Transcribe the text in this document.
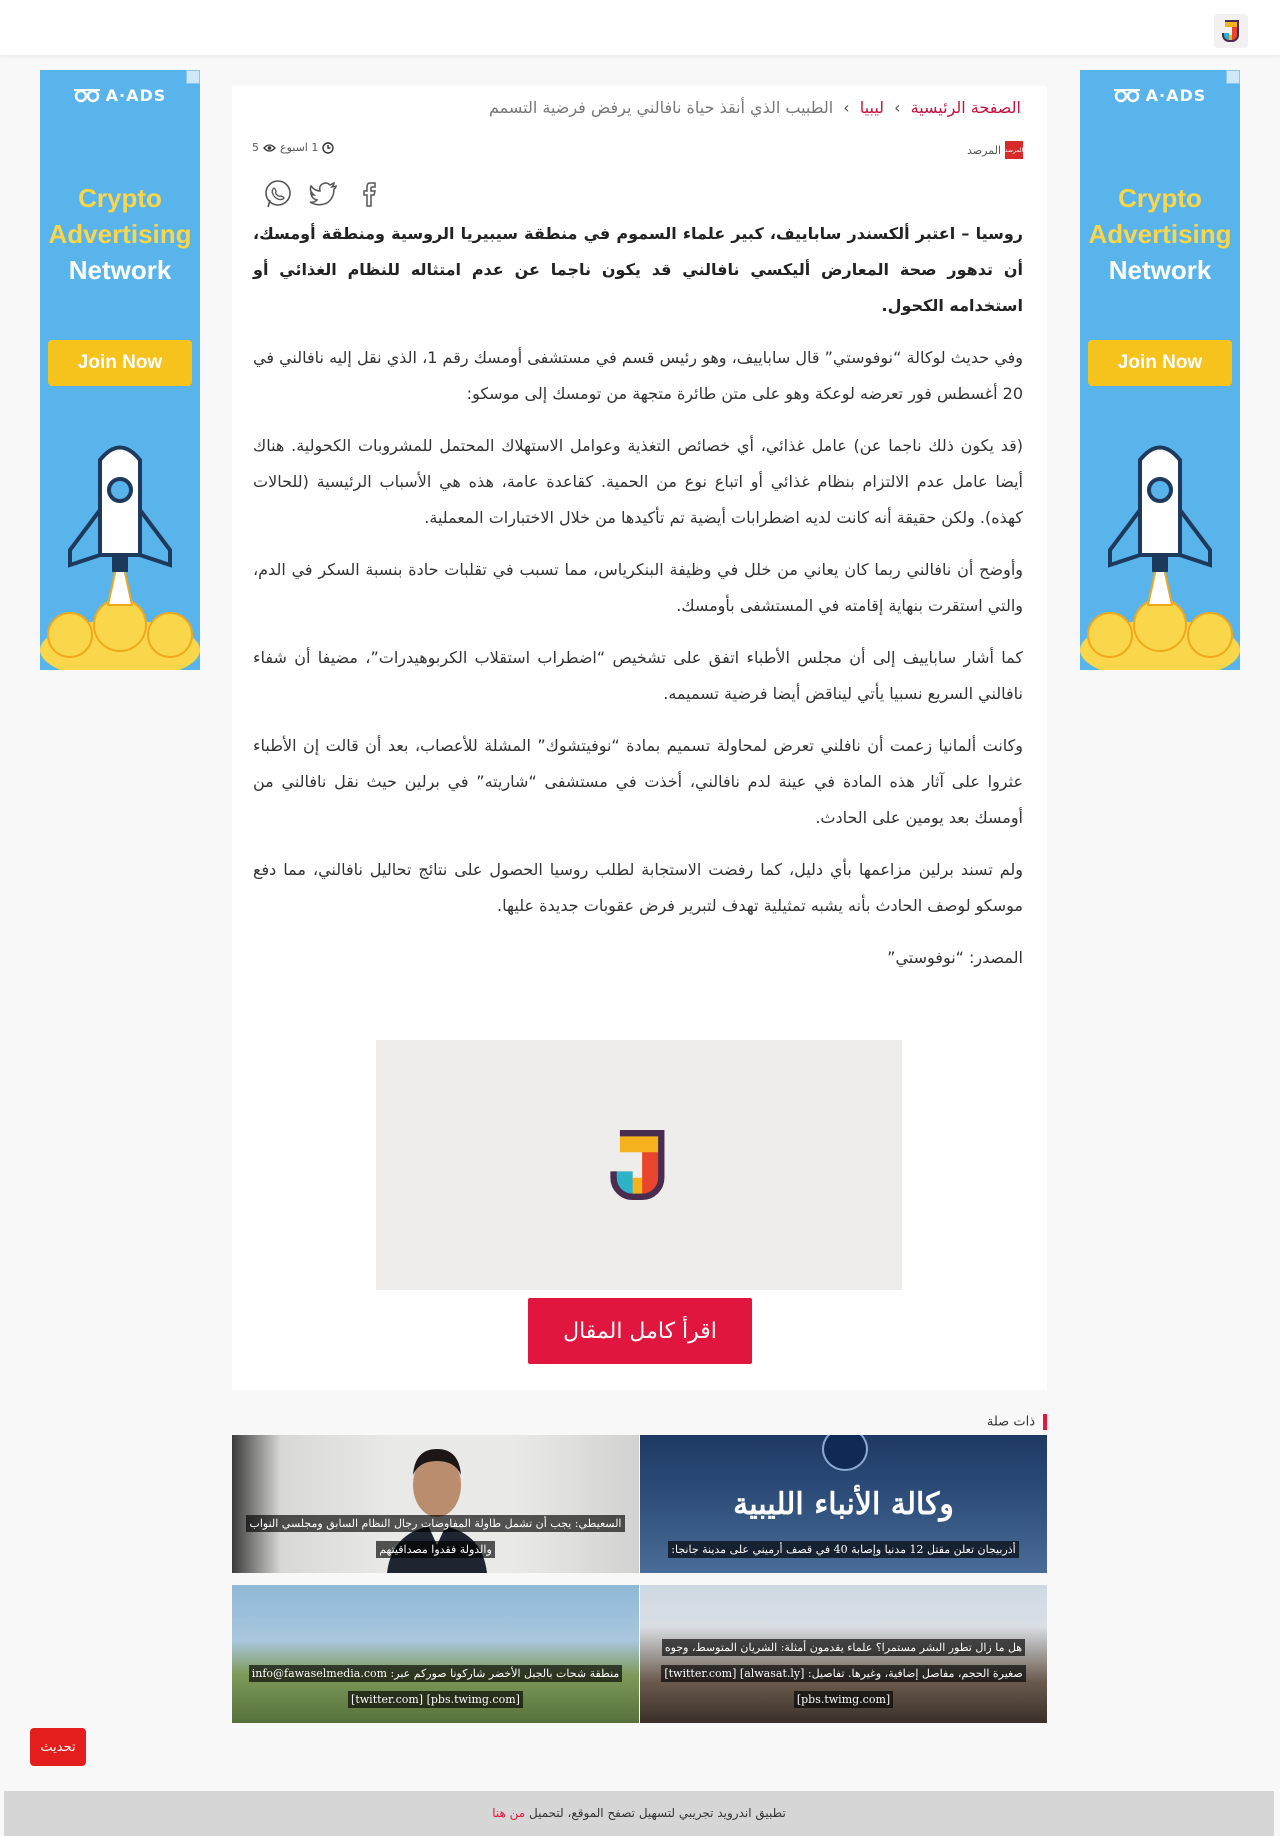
A·ADS
Crypto
Advertising
Network
Join Now
A·ADS
Crypto
Advertising
Network
Join Now
الصفحة الرئيسية › ليبيا › الطبيب الذي أنقذ حياة نافالني يرفض فرضية التسمم
المرصد
المرصد
1 اسبوع
5

روسيا – اعتبر ألكسندر ساباييف، كبير علماء السموم في منطقة سيبيريا الروسية ومنطقة أومسك، أن تدهور صحة المعارض أليكسي نافالني قد يكون ناجما عن عدم امتثاله للنظام الغذائي أو استخدامه الكحول.

وفي حديث لوكالة “نوفوستي” قال ساباييف، وهو رئيس قسم في مستشفى أومسك رقم 1، الذي نقل إليه نافالني في 20 أغسطس فور تعرضه لوعكة وهو على متن طائرة متجهة من تومسك إلى موسكو:

(قد يكون ذلك ناجما عن) عامل غذائي، أي خصائص التغذية وعوامل الاستهلاك المحتمل للمشروبات الكحولية. هناك أيضا عامل عدم الالتزام بنظام غذائي أو اتباع نوع من الحمية. كقاعدة عامة، هذه هي الأسباب الرئيسية (للحالات كهذه). ولكن حقيقة أنه كانت لديه اضطرابات أيضية تم تأكيدها من خلال الاختبارات المعملية.

وأوضح أن نافالني ربما كان يعاني من خلل في وظيفة البنكرياس، مما تسبب في تقلبات حادة بنسبة السكر في الدم، والتي استقرت بنهاية إقامته في المستشفى بأومسك.

كما أشار ساباييف إلى أن مجلس الأطباء اتفق على تشخيص “اضطراب استقلاب الكربوهيدرات”، مضيفا أن شفاء نافالني السريع نسبيا يأتي ليناقض أيضا فرضية تسميمه.

وكانت ألمانيا زعمت أن نافلني تعرض لمحاولة تسميم بمادة “نوفيتشوك” المشلة للأعصاب، بعد أن قالت إن الأطباء عثروا على آثار هذه المادة في عينة لدم نافالني، أخذت في مستشفى “شاريته” في برلين حيث نقل نافالني من أومسك بعد يومين على الحادث.

ولم تسند برلين مزاعمها بأي دليل، كما رفضت الاستجابة لطلب روسيا الحصول على نتائج تحاليل نافالني، مما دفع موسكو لوصف الحادث بأنه يشبه تمثيلية تهدف لتبرير فرض عقوبات جديدة عليها.

المصدر: “نوفوستي”

اقرأ كامل المقال
ذات صلة
وكالة الأنباء الليبية
أذربيجان تعلن مقتل 12 مدنيا وإصابة 40 في قصف أرميني على مدينة جانجا:
السعيطي: يجب أن تشمل طاولة المفاوضات رجال النظام السابق ومجلسي النواب والدولة فقدوا مصداقيتهم
هل ما زال تطور البشر مستمرا؟ علماء يقدمون أمثلة: الشريان المتوسط، وجوه صغيرة الحجم، مفاصل إضافية، وغيرها. تفاصيل: [alwasat.ly] [twitter.com] [pbs.twimg.com]
منطقة شحات بالجبل الأخضر شاركونا صوركم عبر: info@fawaselmedia.com [twitter.com] [pbs.twimg.com]
تحديث
تطبيق اندرويد تجريبي لتسهيل تصفح الموقع، لتحميل من هنا
